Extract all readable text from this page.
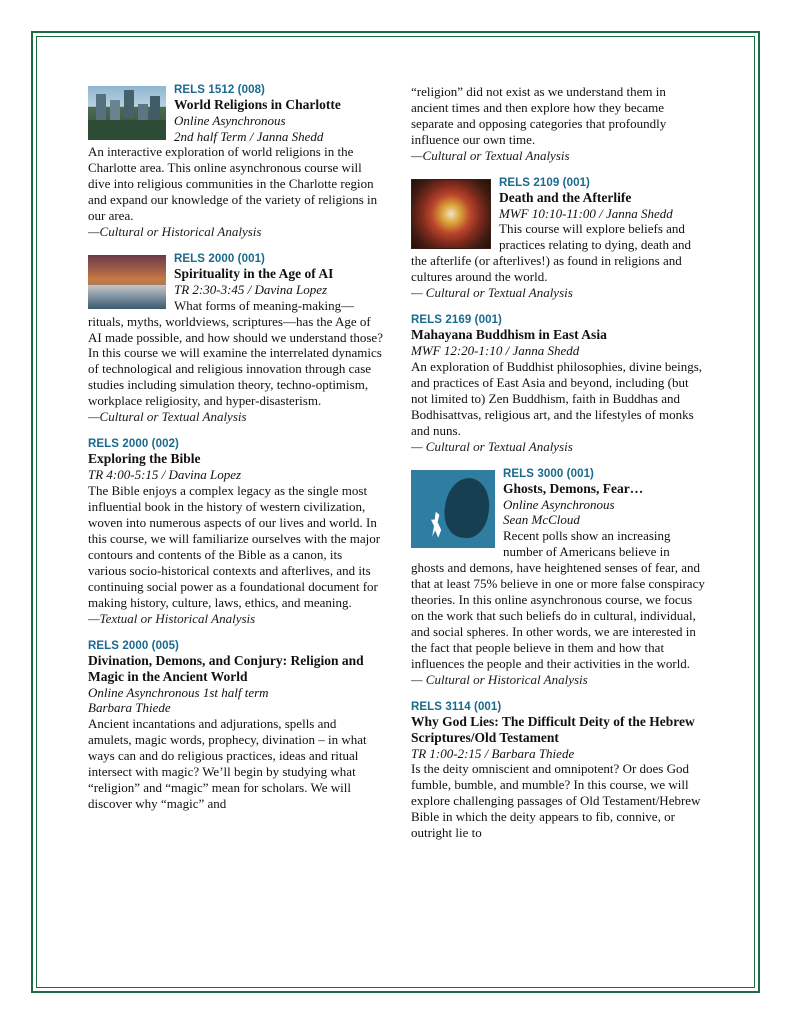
RELS 1512 (008)
World Religions in Charlotte
Online Asynchronous
2nd half Term / Janna Shedd
An interactive exploration of world religions in the Charlotte area. This online asynchronous course will dive into religious communities in the Charlotte region and expand our knowledge of the variety of religions in our area.
—Cultural or Historical Analysis
RELS 2000 (001)
Spirituality in the Age of AI
TR 2:30-3:45 / Davina Lopez
What forms of meaning-making—rituals, myths, worldviews, scriptures—has the Age of AI made possible, and how should we understand those? In this course we will examine the interrelated dynamics of technological and religious innovation through case studies including simulation theory, techno-optimism, workplace religiosity, and hyper-disasterism.
—Cultural or Textual Analysis
RELS 2000 (002)
Exploring the Bible
TR 4:00-5:15 / Davina Lopez
The Bible enjoys a complex legacy as the single most influential book in the history of western civilization, woven into numerous aspects of our lives and world. In this course, we will familiarize ourselves with the major contours and contents of the Bible as a canon, its various socio-historical contexts and afterlives, and its continuing social power as a foundational document for making history, culture, laws, ethics, and meaning.
—Textual or Historical Analysis
RELS 2000 (005)
Divination, Demons, and Conjury: Religion and Magic in the Ancient World
Online Asynchronous 1st half term
Barbara Thiede
Ancient incantations and adjurations, spells and amulets, magic words, prophecy, divination – in what ways can and do religious practices, ideas and ritual intersect with magic? We’ll begin by studying what “religion” and “magic” mean for scholars. We will discover why “magic” and
“religion” did not exist as we understand them in ancient times and then explore how they became separate and opposing categories that profoundly influence our own time.
—Cultural or Textual Analysis
RELS 2109 (001)
Death and the Afterlife
MWF 10:10-11:00 / Janna Shedd
This course will explore beliefs and practices relating to dying, death and the afterlife (or afterlives!) as found in religions and cultures around the world.
— Cultural or Textual Analysis
RELS 2169 (001)
Mahayana Buddhism in East Asia
MWF 12:20-1:10 / Janna Shedd
An exploration of Buddhist philosophies, divine beings, and practices of East Asia and beyond, including (but not limited to) Zen Buddhism, faith in Buddhas and Bodhisattvas, religious art, and the lifestyles of monks and nuns.
— Cultural or Textual Analysis
RELS 3000 (001)
Ghosts, Demons, Fear…
Online Asynchronous
Sean McCloud
Recent polls show an increasing number of Americans believe in ghosts and demons, have heightened senses of fear, and that at least 75% believe in one or more false conspiracy theories. In this online asynchronous course, we focus on the work that such beliefs do in cultural, individual, and social spheres. In other words, we are interested in the fact that people believe in them and how that influences the people and their activities in the world.
— Cultural or Historical Analysis
RELS 3114 (001)
Why God Lies: The Difficult Deity of the Hebrew Scriptures/Old Testament
TR 1:00-2:15 / Barbara Thiede
Is the deity omniscient and omnipotent? Or does God fumble, bumble, and mumble? In this course, we will explore challenging passages of Old Testament/Hebrew Bible in which the deity appears to fib, connive, or outright lie to
